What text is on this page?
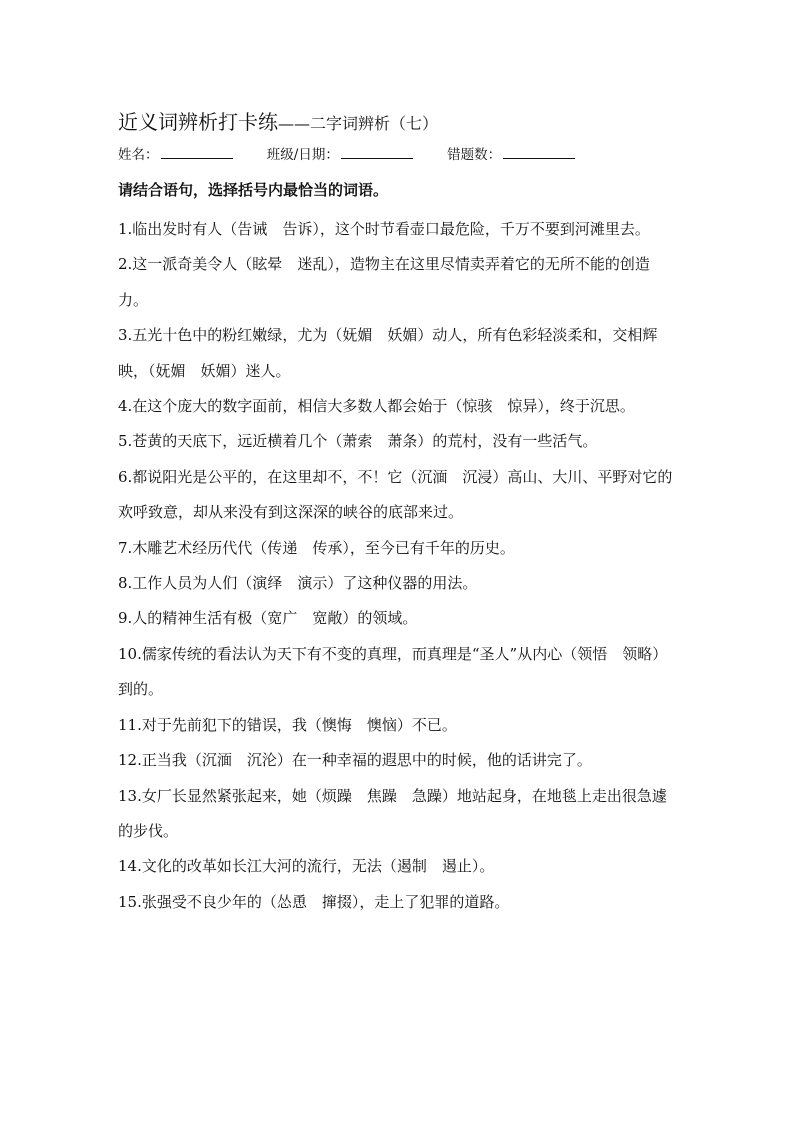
近义词辨析打卡练——二字词辨析（七）
姓名：	班级/日期：	错题数：
请结合语句，选择括号内最恰当的词语。

1.临出发时有人（告诫　告诉），这个时节看壶口最危险，千万不要到河滩里去。

2.这一派奇美令人（眩晕　迷乱），造物主在这里尽情卖弄着它的无所不能的创造力。

3.五光十色中的粉红嫩绿，尤为（妩媚　妖媚）动人，所有色彩轻淡柔和，交相辉映，（妩媚　妖媚）迷人。

4.在这个庞大的数字面前，相信大多数人都会始于（惊骇　惊异），终于沉思。

5.苍黄的天底下，远近横着几个（萧索　萧条）的荒村，没有一些活气。

6.都说阳光是公平的，在这里却不，不！它（沉湎　沉浸）高山、大川、平野对它的欢呼致意，却从来没有到这深深的峡谷的底部来过。

7.木雕艺术经历代代（传递　传承），至今已有千年的历史。

8.工作人员为人们（演绎　演示）了这种仪器的用法。

9.人的精神生活有极（宽广　宽敞）的领域。

10.儒家传统的看法认为天下有不变的真理，而真理是“圣人”从内心（领悟　领略）到的。

11.对于先前犯下的错误，我（懊悔　懊恼）不已。

12.正当我（沉湎　沉沦）在一种幸福的遐思中的时候，他的话讲完了。

13.女厂长显然紧张起来，她（烦躁　焦躁　急躁）地站起身，在地毯上走出很急遽的步伐。

14.文化的改革如长江大河的流行，无法（遏制　遏止）。

15.张强受不良少年的（怂恿　撺掇），走上了犯罪的道路。
